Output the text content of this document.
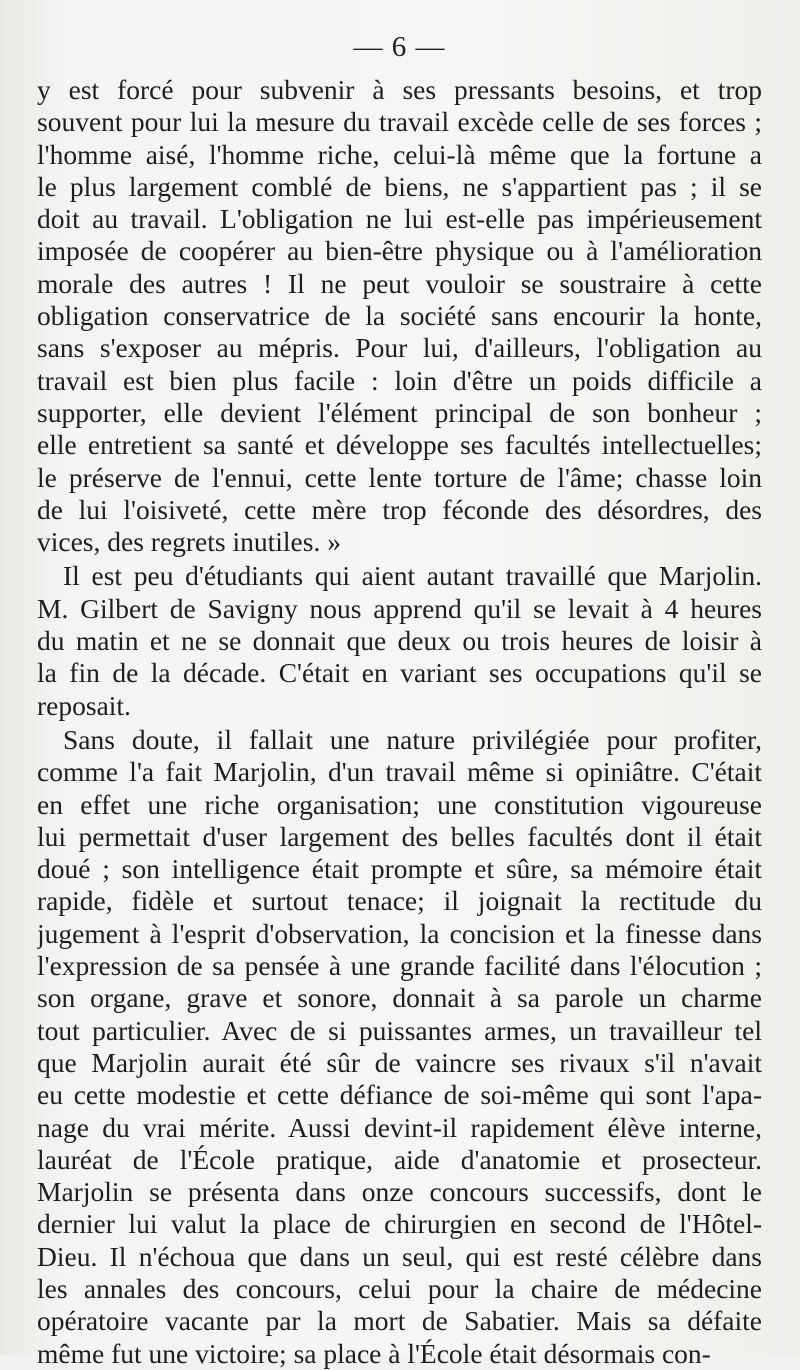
— 6 —
y est forcé pour subvenir à ses pressants besoins, et trop
souvent pour lui la mesure du travail excède celle de ses forces ;
l'homme aisé, l'homme riche, celui-là même que la fortune a
le plus largement comblé de biens, ne s'appartient pas ; il se
doit au travail. L'obligation ne lui est-elle pas impérieusement
imposée de coopérer au bien-être physique ou à l'amélioration
morale des autres ! Il ne peut vouloir se soustraire à cette
obligation conservatrice de la société sans encourir la honte,
sans s'exposer au mépris. Pour lui, d'ailleurs, l'obligation au
travail est bien plus facile : loin d'être un poids difficile a
supporter, elle devient l'élément principal de son bonheur ;
elle entretient sa santé et développe ses facultés intellectuelles;
le préserve de l'ennui, cette lente torture de l'âme; chasse loin
de lui l'oisiveté, cette mère trop féconde des désordres, des
vices, des regrets inutiles. »
Il est peu d'étudiants qui aient autant travaillé que Marjolin.
M. Gilbert de Savigny nous apprend qu'il se levait à 4 heures
du matin et ne se donnait que deux ou trois heures de loisir à
la fin de la décade. C'était en variant ses occupations qu'il se
reposait.
Sans doute, il fallait une nature privilégiée pour profiter,
comme l'a fait Marjolin, d'un travail même si opiniâtre. C'était
en effet une riche organisation; une constitution vigoureuse
lui permettait d'user largement des belles facultés dont il était
doué ; son intelligence était prompte et sûre, sa mémoire était
rapide, fidèle et surtout tenace; il joignait la rectitude du
jugement à l'esprit d'observation, la concision et la finesse dans
l'expression de sa pensée à une grande facilité dans l'élocution ;
son organe, grave et sonore, donnait à sa parole un charme
tout particulier. Avec de si puissantes armes, un travailleur tel
que Marjolin aurait été sûr de vaincre ses rivaux s'il n'avait
eu cette modestie et cette défiance de soi-même qui sont l'apa-
nage du vrai mérite. Aussi devint-il rapidement élève interne,
lauréat de l'École pratique, aide d'anatomie et prosecteur.
Marjolin se présenta dans onze concours successifs, dont le
dernier lui valut la place de chirurgien en second de l'Hôtel-
Dieu. Il n'échoua que dans un seul, qui est resté célèbre dans
les annales des concours, celui pour la chaire de médecine
opératoire vacante par la mort de Sabatier. Mais sa défaite
même fut une victoire; sa place à l'École était désormais con-
